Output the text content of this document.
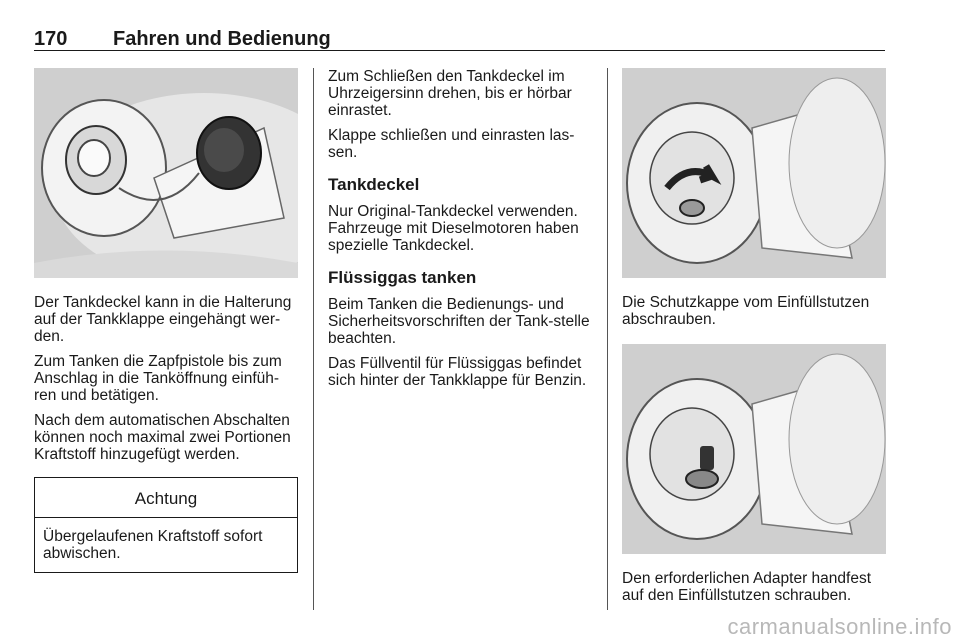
170 Fahren und Bedienung

Der Tankdeckel kann in die Halterung auf der Tankklappe eingehängt wer-den.

Zum Tanken die Zapfpistole bis zum Anschlag in die Tanköffnung einfüh-ren und betätigen.

Nach dem automatischen Abschalten können noch maximal zwei Portionen Kraftstoff hinzugefügt werden.

Achtung
Übergelaufenen Kraftstoff sofort abwischen.

Zum Schließen den Tankdeckel im Uhrzeigersinn drehen, bis er hörbar einrastet.

Klappe schließen und einrasten las-sen.

Tankdeckel

Nur Original-Tankdeckel verwenden. Fahrzeuge mit Dieselmotoren haben spezielle Tankdeckel.

Flüssiggas tanken

Beim Tanken die Bedienungs- und Sicherheitsvorschriften der Tank-stelle beachten.

Das Füllventil für Flüssiggas befindet sich hinter der Tankklappe für Benzin.

Die Schutzkappe vom Einfüllstutzen abschrauben.

Den erforderlichen Adapter handfest auf den Einfüllstutzen schrauben.

carmanualsonline.info
